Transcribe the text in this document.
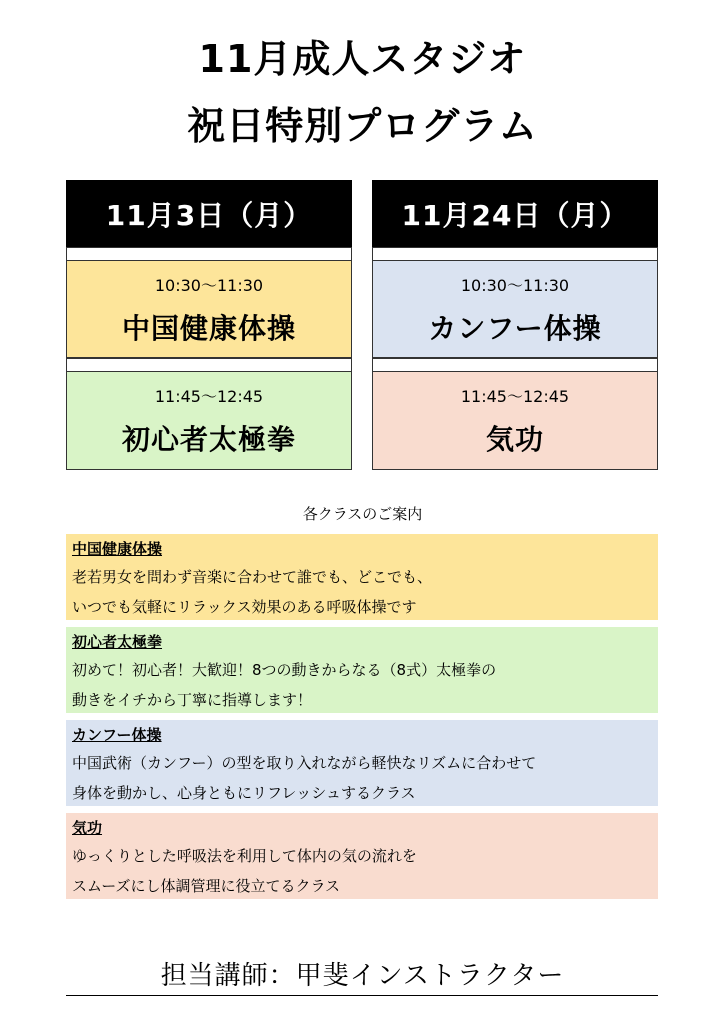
11月成人スタジオ
祝日特別プログラム
11月3日（月）
10:30～11:30
中国健康体操
11:45～12:45
初心者太極拳
11月24日（月）
10:30～11:30
カンフー体操
11:45～12:45
気功
各クラスのご案内
中国健康体操
老若男女を問わず音楽に合わせて誰でも、どこでも、
いつでも気軽にリラックス効果のある呼吸体操です
初心者太極拳
初めて！初心者！大歓迎！8つの動きからなる（8式）太極拳の
動きをイチから丁寧に指導します！
カンフー体操
中国武術（カンフー）の型を取り入れながら軽快なリズムに合わせて
身体を動かし、心身ともにリフレッシュするクラス
気功
ゆっくりとした呼吸法を利用して体内の気の流れを
スムーズにし体調管理に役立てるクラス
担当講師：甲斐インストラクター
